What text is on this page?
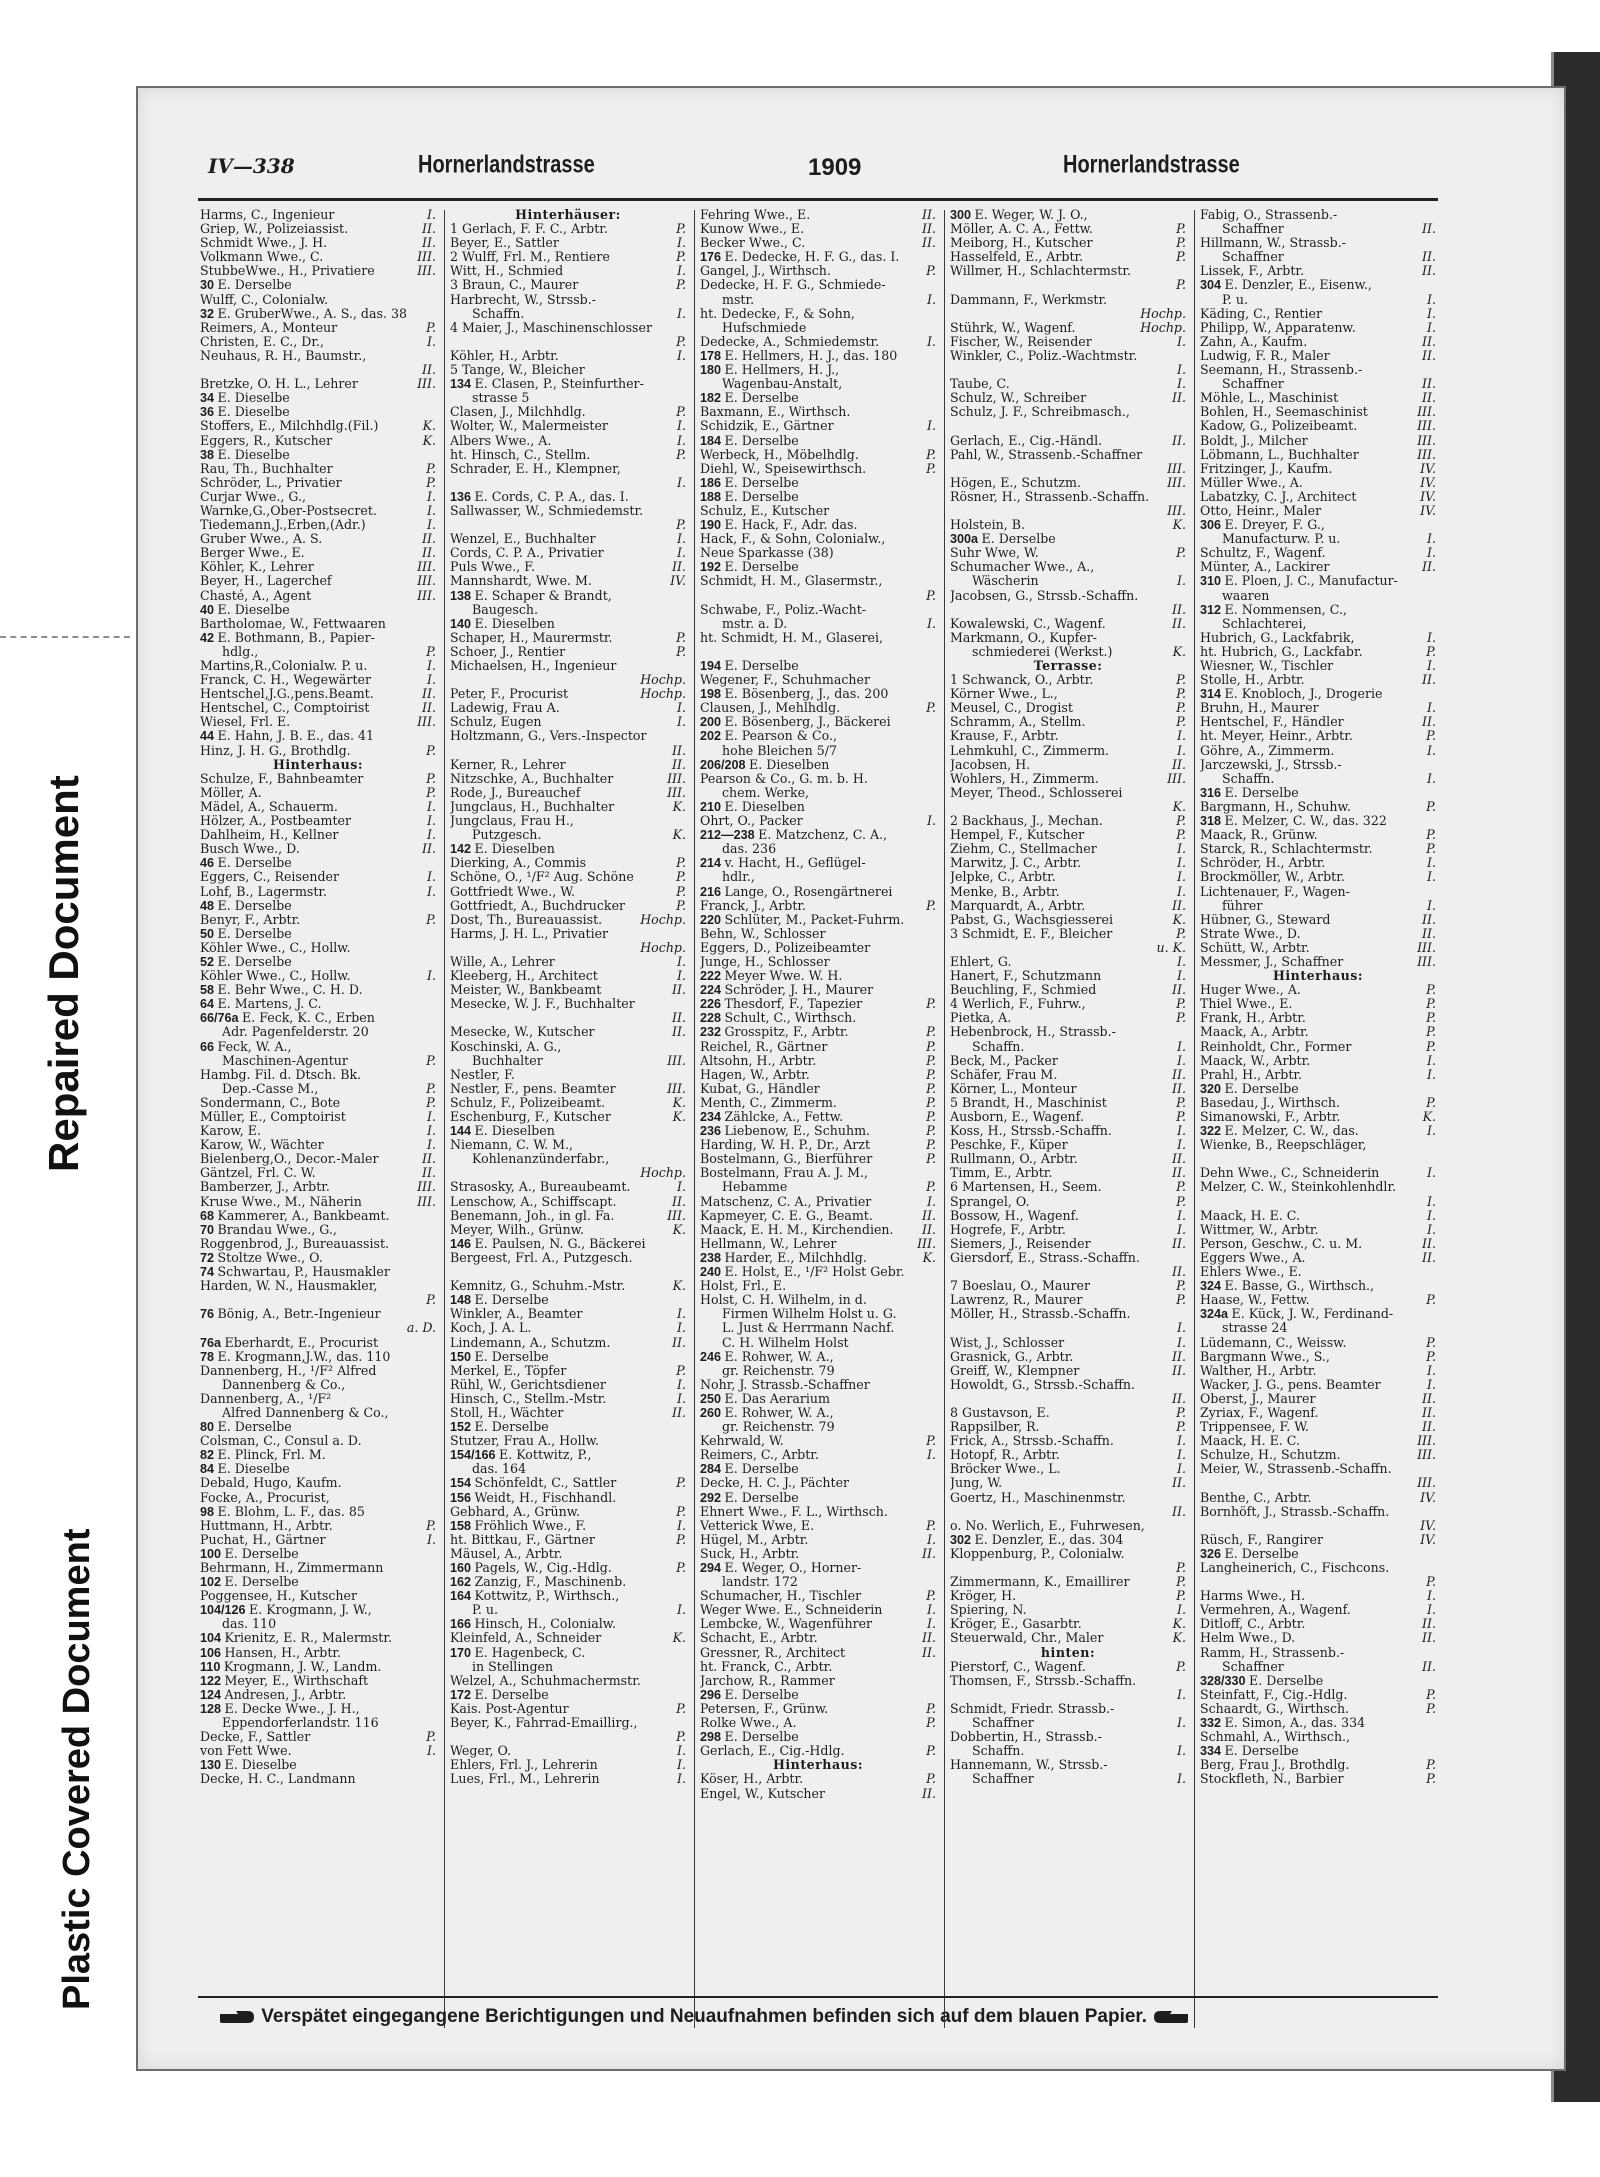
Repaired Document
Plastic Covered Document
IV—338	Hornerlandstrasse	1909	Hornerlandstrasse
Harms, C., Ingenieur	I.
Griep, W., Polizeiassist.	II.
Schmidt Wwe., J. H.	II.
Volkmann Wwe., C.	III.
StubbeWwe., H., Privatiere	III.
30 E. Derselbe
Wulff, C., Colonialw.
32 E. GruberWwe., A. S., das. 38
Reimers, A., Monteur	P.
Christen, E. C., Dr.,	I.
Neuhaus, R. H., Baumstr.,
II.
Bretzke, O. H. L., Lehrer	III.
34 E. Dieselbe
36 E. Dieselbe
Stoffers, E., Milchhdlg.(Fil.)	K.
Eggers, R., Kutscher	K.
38 E. Dieselbe
Rau, Th., Buchhalter	P.
Schröder, L., Privatier	P.
Curjar Wwe., G.,	I.
Warnke,G.,Ober-Postsecret.	I.
Tiedemann,J.,Erben,(Adr.)	I.
Gruber Wwe., A. S.	II.
Berger Wwe., E.	II.
Köhler, K., Lehrer	III.
Beyer, H., Lagerchef	III.
Chasté, A., Agent	III.
40 E. Dieselbe
Bartholomae, W., Fettwaaren
42 E. Bothmann, B., Papier-
hdlg.,	P.
Martins,R.,Colonialw. P. u.	I.
Franck, C. H., Wegewärter	I.
Hentschel,J.G.,pens.Beamt.	II.
Hentschel, C., Comptoirist	II.
Wiesel, Frl. E.	III.
44 E. Hahn, J. B. E., das. 41
Hinz, J. H. G., Brothdlg.	P.
Hinterhaus:
Schulze, F., Bahnbeamter	P.
Möller, A.	P.
Mädel, A., Schauerm.	I.
Hölzer, A., Postbeamter	I.
Dahlheim, H., Kellner	I.
Busch Wwe., D.	II.
46 E. Derselbe
Eggers, C., Reisender	I.
Lohf, B., Lagermstr.	I.
48 E. Derselbe
Benyr, F., Arbtr.	P.
50 E. Derselbe
Köhler Wwe., C., Hollw.
52 E. Derselbe
Köhler Wwe., C., Hollw.	I.
58 E. Behr Wwe., C. H. D.
64 E. Martens, J. C.
66/76a E. Feck, K. C., Erben
Adr. Pagenfelderstr. 20
66 Feck, W. A.,
Maschinen-Agentur	P.
Hambg. Fil. d. Dtsch. Bk.
Dep.-Casse M.,	P.
Sondermann, C., Bote	P.
Müller, E., Comptoirist	I.
Karow, E.	I.
Karow, W., Wächter	I.
Bielenberg,O., Decor.-Maler	II.
Gäntzel, Frl. C. W.	II.
Bamberzer, J., Arbtr.	III.
Kruse Wwe., M., Näherin	III.
68 Kammerer, A., Bankbeamt.
70 Brandau Wwe., G.,
Roggenbrod, J., Bureauassist.
72 Stoltze Wwe., O.
74 Schwartau, P., Hausmakler
Harden, W. N., Hausmakler,
P.
76 Bönig, A., Betr.-Ingenieur
a. D.
76a Eberhardt, E., Procurist
78 E. Krogmann,J.W., das. 110
Dannenberg, H., ¹/F² Alfred
Dannenberg & Co.,
Dannenberg, A., ¹/F²
Alfred Dannenberg & Co.,
80 E. Derselbe
Colsman, C., Consul a. D.
82 E. Plinck, Frl. M.
84 E. Dieselbe
Debald, Hugo, Kaufm.
Focke, A., Procurist,
98 E. Blohm, L. F., das. 85
Huttmann, H., Arbtr.	P.
Puchat, H., Gärtner	I.
100 E. Derselbe
Behrmann, H., Zimmermann
102 E. Derselbe
Poggensee, H., Kutscher
104/126 E. Krogmann, J. W.,
das. 110
104 Krienitz, E. R., Malermstr.
106 Hansen, H., Arbtr.
110 Krogmann, J. W., Landm.
122 Meyer, E., Wirthschaft
124 Andresen, J., Arbtr.
128 E. Decke Wwe., J. H.,
Eppendorferlandstr. 116
Decke, F., Sattler	P.
von Fett Wwe.	I.
130 E. Dieselbe
Decke, H. C., Landmann
Hinterhäuser:
1 Gerlach, F. F. C., Arbtr.	P.
Beyer, E., Sattler	I.
2 Wulff, Frl. M., Rentiere	P.
Witt, H., Schmied	I.
3 Braun, C., Maurer	P.
Harbrecht, W., Strssb.-
Schaffn.	I.
4 Maier, J., Maschinenschlosser
P.
Köhler, H., Arbtr.	I.
5 Tange, W., Bleicher
134 E. Clasen, P., Steinfurther-
strasse 5
Clasen, J., Milchhdlg.	P.
Wolter, W., Malermeister	I.
Albers Wwe., A.	I.
ht. Hinsch, C., Stellm.	P.
Schrader, E. H., Klempner,
I.
136 E. Cords, C. P. A., das. I.
Sallwasser, W., Schmiedemstr.
P.
Wenzel, E., Buchhalter	I.
Cords, C. P. A., Privatier	I.
Puls Wwe., F.	II.
Mannshardt, Wwe. M.	IV.
138 E. Schaper & Brandt,
Baugesch.
140 E. Dieselben
Schaper, H., Maurermstr.	P.
Schoer, J., Rentier	P.
Michaelsen, H., Ingenieur
Hochp.
Peter, F., Procurist	Hochp.
Ladewig, Frau A.	I.
Schulz, Eugen	I.
Holtzmann, G., Vers.-Inspector
II.
Kerner, R., Lehrer	II.
Nitzschke, A., Buchhalter	III.
Rode, J., Bureauchef	III.
Jungclaus, H., Buchhalter	K.
Jungclaus, Frau H.,
Putzgesch.	K.
142 E. Dieselben
Dierking, A., Commis	P.
Schöne, O., ¹/F² Aug. Schöne	P.
Gottfriedt Wwe., W.	P.
Gottfriedt, A., Buchdrucker	P.
Dost, Th., Bureauassist.	Hochp.
Harms, J. H. L., Privatier
Hochp.
Wille, A., Lehrer	I.
Kleeberg, H., Architect	I.
Meister, W., Bankbeamt	II.
Mesecke, W. J. F., Buchhalter
II.
Mesecke, W., Kutscher	II.
Koschinski, A. G.,
Buchhalter	III.
Nestler, F.
Nestler, F., pens. Beamter	III.
Schulz, F., Polizeibeamt.	K.
Eschenburg, F., Kutscher	K.
144 E. Dieselben
Niemann, C. W. M.,
Kohlenanzünderfabr.,
Hochp.
Strasosky, A., Bureaubeamt.	I.
Lenschow, A., Schiffscapt.	II.
Benemann, Joh., in gl. Fa.	III.
Meyer, Wilh., Grünw.	K.
146 E. Paulsen, N. G., Bäckerei
Bergeest, Frl. A., Putzgesch.
Kemnitz, G., Schuhm.-Mstr.	K.
148 E. Derselbe
Winkler, A., Beamter	I.
Koch, J. A. L.	I.
Lindemann, A., Schutzm.	II.
150 E. Derselbe
Merkel, E., Töpfer	P.
Rühl, W., Gerichtsdiener	I.
Hinsch, C., Stellm.-Mstr.	I.
Stoll, H., Wächter	II.
152 E. Derselbe
Stutzer, Frau A., Hollw.
154/166 E. Kottwitz, P.,
das. 164
154 Schönfeldt, C., Sattler	P.
156 Weidt, H., Fischhandl.
Gebhard, A., Grünw.	P.
158 Fröhlich Wwe., F.	I.
ht. Bittkau, F., Gärtner	P.
Mäusel, A., Arbtr.
160 Pagels, W., Cig.-Hdlg.	P.
162 Zanzig, F., Maschinenb.
164 Kottwitz, P., Wirthsch.,
P. u.	I.
166 Hinsch, H., Colonialw.
Kleinfeld, A., Schneider	K.
170 E. Hagenbeck, C.
in Stellingen
Welzel, A., Schuhmachermstr.
172 E. Derselbe
Kais. Post-Agentur	P.
Beyer, K., Fahrrad-Emaillirg.,
P.
Weger, O.	I.
Ehlers, Frl. J., Lehrerin	I.
Lues, Frl., M., Lehrerin	I.
Fehring Wwe., E.	II.
Kunow Wwe., E.	II.
Becker Wwe., C.	II.
176 E. Dedecke, H. F. G., das. I.
Gangel, J., Wirthsch.	P.
Dedecke, H. F. G., Schmiede-
mstr.	I.
ht. Dedecke, F., & Sohn,
Hufschmiede
Dedecke, A., Schmiedemstr.	I.
178 E. Hellmers, H. J., das. 180
180 E. Hellmers, H. J.,
Wagenbau-Anstalt,
182 E. Derselbe
Baxmann, E., Wirthsch.
Schidzik, E., Gärtner	I.
184 E. Derselbe
Werbeck, H., Möbelhdlg.	P.
Diehl, W., Speisewirthsch.	P.
186 E. Derselbe
188 E. Derselbe
Schulz, E., Kutscher
190 E. Hack, F., Adr. das.
Hack, F., & Sohn, Colonialw.,
Neue Sparkasse (38)
192 E. Derselbe
Schmidt, H. M., Glasermstr.,
P.
Schwabe, F., Poliz.-Wacht-
mstr. a. D.	I.
ht. Schmidt, H. M., Glaserei,
194 E. Derselbe
Wegener, F., Schuhmacher
198 E. Bösenberg, J., das. 200
Clausen, J., Mehlhdlg.	P.
200 E. Bösenberg, J., Bäckerei
202 E. Pearson & Co.,
hohe Bleichen 5/7
206/208 E. Dieselben
Pearson & Co., G. m. b. H.
chem. Werke,
210 E. Dieselben
Ohrt, O., Packer	I.
212—238 E. Matzchenz, C. A.,
das. 236
214 v. Hacht, H., Geflügel-
hdlr.,
216 Lange, O., Rosengärtnerei
Franck, J., Arbtr.	P.
220 Schlüter, M., Packet-Fuhrm.
Behn, W., Schlosser
Eggers, D., Polizeibeamter
Junge, H., Schlosser
222 Meyer Wwe. W. H.
224 Schröder, J. H., Maurer
226 Thesdorf, F., Tapezier	P.
228 Schult, C., Wirthsch.
232 Grosspitz, F., Arbtr.	P.
Reichel, R., Gärtner	P.
Altsohn, H., Arbtr.	P.
Hagen, W., Arbtr.	P.
Kubat, G., Händler	P.
Menth, C., Zimmerm.	P.
234 Zählcke, A., Fettw.	P.
236 Liebenow, E., Schuhm.	P.
Harding, W. H. P., Dr., Arzt	P.
Bostelmann, G., Bierführer	P.
Bostelmann, Frau A. J. M.,
Hebamme	P.
Matschenz, C. A., Privatier	I.
Kapmeyer, C. E. G., Beamt.	II.
Maack, E. H. M., Kirchendien.	II.
Hellmann, W., Lehrer	III.
238 Harder, E., Milchhdlg.	K.
240 E. Holst, E., ¹/F² Holst Gebr.
Holst, Frl., E.
Holst, C. H. Wilhelm, in d.
Firmen Wilhelm Holst u. G.
L. Just & Herrmann Nachf.
C. H. Wilhelm Holst
246 E. Rohwer, W. A.,
gr. Reichenstr. 79
Nohr, J. Strassb.-Schaffner
250 E. Das Aerarium
260 E. Rohwer, W. A.,
gr. Reichenstr. 79
Kehrwald, W.	P.
Reimers, C., Arbtr.	I.
284 E. Derselbe
Decke, H. C. J., Pächter
292 E. Derselbe
Ehnert Wwe., F. L., Wirthsch.
Vetterick Wwe, E.	P.
Hügel, M., Arbtr.	I.
Suck, H., Arbtr.	II.
294 E. Weger, O., Horner-
landstr. 172
Schumacher, H., Tischler	P.
Weger Wwe. E., Schneiderin	I.
Lembcke, W., Wagenführer	I.
Schacht, E., Arbtr.	II.
Gressner, R., Architect	II.
ht. Franck, C., Arbtr.
Jarchow, R., Rammer
296 E. Derselbe
Petersen, F., Grünw.	P.
Rolke Wwe., A.	P.
298 E. Derselbe
Gerlach, E., Cig.-Hdlg.	P.
Hinterhaus:
Köser, H., Arbtr.	P.
Engel, W., Kutscher	II.
300 E. Weger, W. J. O.,
Möller, A. C. A., Fettw.	P.
Meiborg, H., Kutscher	P.
Hasselfeld, E., Arbtr.	P.
Willmer, H., Schlachtermstr.
P.
Dammann, F., Werkmstr.
Hochp.
Stührk, W., Wagenf.	Hochp.
Fischer, W., Reisender	I.
Winkler, C., Poliz.-Wachtmstr.
I.
Taube, C.	I.
Schulz, W., Schreiber	II.
Schulz, J. F., Schreibmasch.,
Gerlach, E., Cig.-Händl.	II.
Pahl, W., Strassenb.-Schaffner
III.
Högen, E., Schutzm.	III.
Rösner, H., Strassenb.-Schaffn.
III.
Holstein, B.	K.
300a E. Derselbe
Suhr Wwe, W.	P.
Schumacher Wwe., A.,
Wäscherin	I.
Jacobsen, G., Strssb.-Schaffn.
II.
Kowalewski, C., Wagenf.	II.
Markmann, O., Kupfer-
schmiederei (Werkst.)	K.
Terrasse:
1 Schwanck, O., Arbtr.	P.
Körner Wwe., L.,	P.
Meusel, C., Drogist	P.
Schramm, A., Stellm.	P.
Krause, F., Arbtr.	I.
Lehmkuhl, C., Zimmerm.	I.
Jacobsen, H.	II.
Wohlers, H., Zimmerm.	III.
Meyer, Theod., Schlosserei
K.
2 Backhaus, J., Mechan.	P.
Hempel, F., Kutscher	P.
Ziehm, C., Stellmacher	I.
Marwitz, J. C., Arbtr.	I.
Jelpke, C., Arbtr.	I.
Menke, B., Arbtr.	I.
Marquardt, A., Arbtr.	II.
Pabst, G., Wachsgiesserei	K.
3 Schmidt, E. F., Bleicher	P.
u. K.
Ehlert, G.	I.
Hanert, F., Schutzmann	I.
Beuchling, F., Schmied	II.
4 Werlich, F., Fuhrw.,	P.
Pietka, A.	P.
Hebenbrock, H., Strassb.-
Schaffn.	I.
Beck, M., Packer	I.
Schäfer, Frau M.	II.
Körner, L., Monteur	II.
5 Brandt, H., Maschinist	P.
Ausborn, E., Wagenf.	P.
Koss, H., Strssb.-Schaffn.	I.
Peschke, F., Küper	I.
Rullmann, O., Arbtr.	II.
Timm, E., Arbtr.	II.
6 Martensen, H., Seem.	P.
Sprangel, O.	P.
Bossow, H., Wagenf.	I.
Hogrefe, F., Arbtr.	I.
Siemers, J., Reisender	II.
Giersdorf, E., Strass.-Schaffn.
II.
7 Boeslau, O., Maurer	P.
Lawrenz, R., Maurer	P.
Möller, H., Strassb.-Schaffn.
I.
Wist, J., Schlosser	I.
Grasnick, G., Arbtr.	II.
Greiff, W., Klempner	II.
Howoldt, G., Strssb.-Schaffn.
II.
8 Gustavson, E.	P.
Rappsilber, R.	P.
Frick, A., Strssb.-Schaffn.	I.
Hotopf, R., Arbtr.	I.
Bröcker Wwe., L.	I.
Jung, W.	II.
Goertz, H., Maschinenmstr.
II.
o. No. Werlich, E., Fuhrwesen,
302 E. Denzler, E., das. 304
Kloppenburg, P., Colonialw.
P.
Zimmermann, K., Emaillirer	P.
Kröger, H.	P.
Spiering, N.	I.
Kröger, E., Gasarbtr.	K.
Steuerwald, Chr., Maler	K.
hinten:
Pierstorf, C., Wagenf.	P.
Thomsen, F., Strssb.-Schaffn.
I.
Schmidt, Friedr. Strassb.-
Schaffner	I.
Dobbertin, H., Strassb.-
Schaffn.	I.
Hannemann, W., Strssb.-
Schaffner	I.
Fabig, O., Strassenb.-
Schaffner	II.
Hillmann, W., Strassb.-
Schaffner	II.
Lissek, F., Arbtr.	II.
304 E. Denzler, E., Eisenw.,
P. u.	I.
Käding, C., Rentier	I.
Philipp, W., Apparatenw.	I.
Zahn, A., Kaufm.	II.
Ludwig, F. R., Maler	II.
Seemann, H., Strassenb.-
Schaffner	II.
Möhle, L., Maschinist	II.
Bohlen, H., Seemaschinist	III.
Kadow, G., Polizeibeamt.	III.
Boldt, J., Milcher	III.
Löbmann, L., Buchhalter	III.
Fritzinger, J., Kaufm.	IV.
Müller Wwe., A.	IV.
Labatzky, C. J., Architect	IV.
Otto, Heinr., Maler	IV.
306 E. Dreyer, F. G.,
Manufacturw. P. u.	I.
Schultz, F., Wagenf.	I.
Münter, A., Lackirer	II.
310 E. Ploen, J. C., Manufactur-
waaren
312 E. Nommensen, C.,
Schlachterei,
Hubrich, G., Lackfabrik,	I.
ht. Hubrich, G., Lackfabr.	P.
Wiesner, W., Tischler	I.
Stolle, H., Arbtr.	II.
314 E. Knobloch, J., Drogerie
Bruhn, H., Maurer	I.
Hentschel, F., Händler	II.
ht. Meyer, Heinr., Arbtr.	P.
Göhre, A., Zimmerm.	I.
Jarczewski, J., Strssb.-
Schaffn.	I.
316 E. Derselbe
Bargmann, H., Schuhw.	P.
318 E. Melzer, C. W., das. 322
Maack, R., Grünw.	P.
Starck, R., Schlachtermstr.	P.
Schröder, H., Arbtr.	I.
Brockmöller, W., Arbtr.	I.
Lichtenauer, F., Wagen-
führer	I.
Hübner, G., Steward	II.
Strate Wwe., D.	II.
Schütt, W., Arbtr.	III.
Messmer, J., Schaffner	III.
Hinterhaus:
Huger Wwe., A.	P.
Thiel Wwe., E.	P.
Frank, H., Arbtr.	P.
Maack, A., Arbtr.	P.
Reinholdt, Chr., Former	P.
Maack, W., Arbtr.	I.
Prahl, H., Arbtr.	I.
320 E. Derselbe
Basedau, J., Wirthsch.	P.
Simanowski, F., Arbtr.	K.
322 E. Melzer, C. W., das.	I.
Wienke, B., Reepschläger,
Dehn Wwe., C., Schneiderin	I.
Melzer, C. W., Steinkohlenhdlr.
I.
Maack, H. E. C.	I.
Wittmer, W., Arbtr.	I.
Person, Geschw., C. u. M.	II.
Eggers Wwe., A.	II.
Ehlers Wwe., E.
324 E. Basse, G., Wirthsch.,
Haase, W., Fettw.	P.
324a E. Kück, J. W., Ferdinand-
strasse 24
Lüdemann, C., Weissw.	P.
Bargmann Wwe., S.,	P.
Walther, H., Arbtr.	I.
Wacker, J. G., pens. Beamter	I.
Oberst, J., Maurer	II.
Zyriax, F., Wagenf.	II.
Trippensee, F. W.	II.
Maack, H. E. C.	III.
Schulze, H., Schutzm.	III.
Meier, W., Strassenb.-Schaffn.
III.
Benthe, C., Arbtr.	IV.
Bornhöft, J., Strassb.-Schaffn.
IV.
Rüsch, F., Rangirer	IV.
326 E. Derselbe
Langheinerich, C., Fischcons.
P.
Harms Wwe., H.	I.
Vermehren, A., Wagenf.	I.
Ditloff, C., Arbtr.	II.
Helm Wwe., D.	II.
Ramm, H., Strassenb.-
Schaffner	II.
328/330 E. Derselbe
Steinfatt, F., Cig.-Hdlg.	P.
Schaardt, G., Wirthsch.	P.
332 E. Simon, A., das. 334
Schmahl, A., Wirthsch.,
334 E. Derselbe
Berg, Frau J., Brothdlg.	P.
Stockfleth, N., Barbier	P.
Verspätet eingegangene Berichtigungen und Neuaufnahmen befinden sich auf dem blauen Papier.
